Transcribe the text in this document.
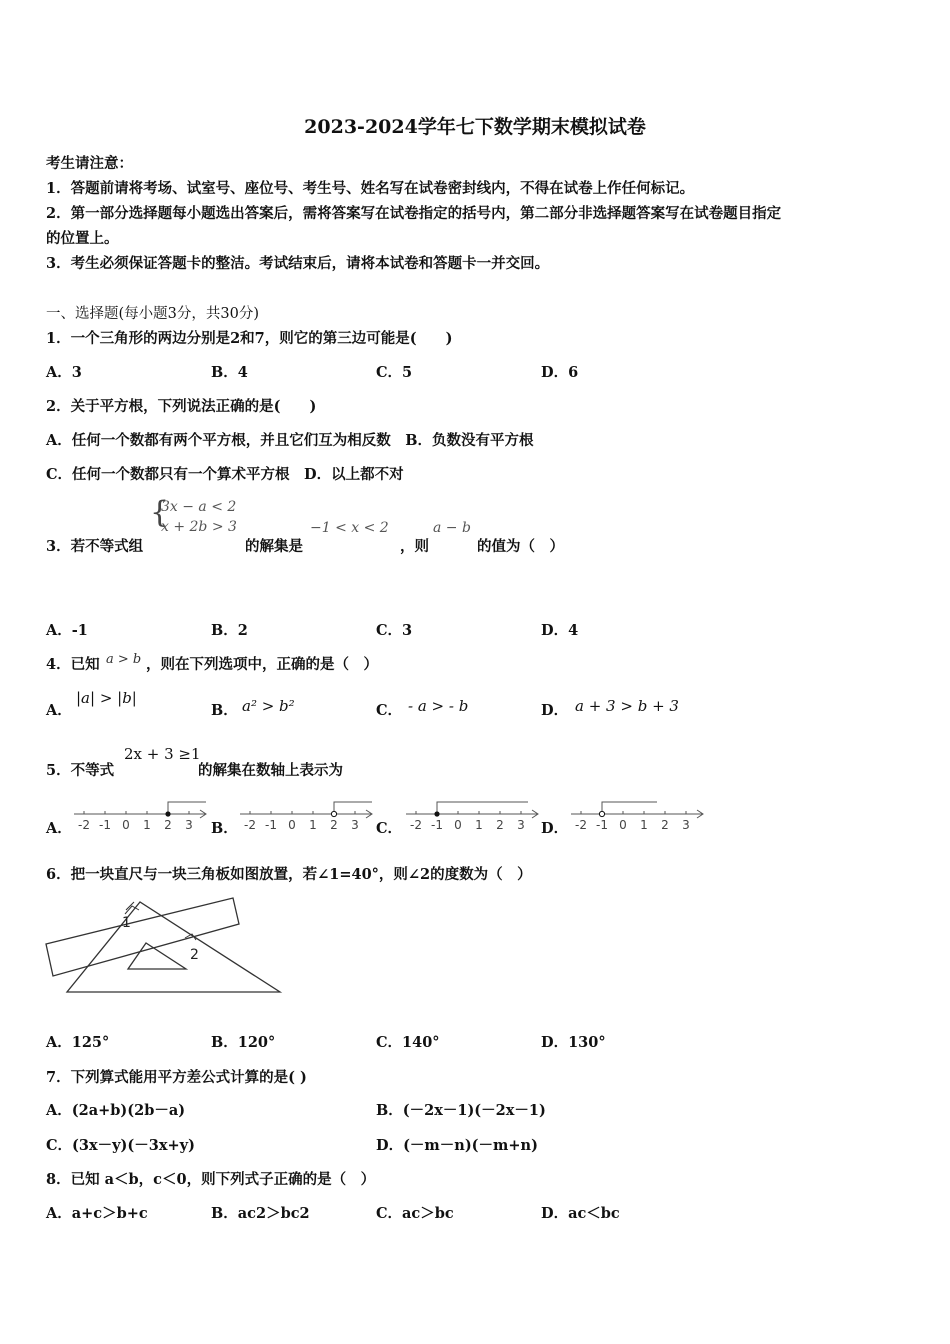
2023-2024学年七下数学期末模拟试卷
考生请注意：
1．答题前请将考场、试室号、座位号、考生号、姓名写在试卷密封线内，不得在试卷上作任何标记。
2．第一部分选择题每小题选出答案后，需将答案写在试卷指定的括号内，第二部分非选择题答案写在试卷题目指定
的位置上。
3．考生必须保证答题卡的整洁。考试结束后，请将本试卷和答题卡一并交回。
一、选择题(每小题3分，共30分)
1．一个三角形的两边分别是2和7，则它的第三边可能是(　　)
A．3	B．4	C．5	D．6
2．关于平方根，下列说法正确的是(　　)
A．任何一个数都有两个平方根，并且它们互为相反数　B．负数没有平方根
C．任何一个数都只有一个算术平方根　D．以上都不对
3．若不等式组
{
3x − a < 2
x + 2b > 3
的解集是
−1 < x < 2
，则
a − b
的值为（　）
A．-1	B．2	C．3	D．4
4．已知 a > b ，则在下列选项中，正确的是（　）
A．
|a| > |b|
B． a² > b²	C． - a > - b	D． a + 3 > b + 3
5．不等式
2x + 3 ≥1
的解集在数轴上表示为
A．	B．	C．	D．
-2 -1 0 1 2 3	-2 -1 0 1 2 3	-2 -1 0 1 2 3	-2 -1 0 1 2 3
6．把一块直尺与一块三角板如图放置，若∠1=40°，则∠2的度数为（　）
1
2
A．125°	B．120°	C．140°	D．130°
7．下列算式能用平方差公式计算的是( )
A．(2a+b)(2b－a)	B．(－2x－1)(－2x－1)
C．(3x－y)(－3x+y)	D．(－m－n)(－m+n)
8．已知 a＜b，c＜0，则下列式子正确的是（　）
A．a+c＞b+c	B．ac2＞bc2	C．ac＞bc	D．ac＜bc
